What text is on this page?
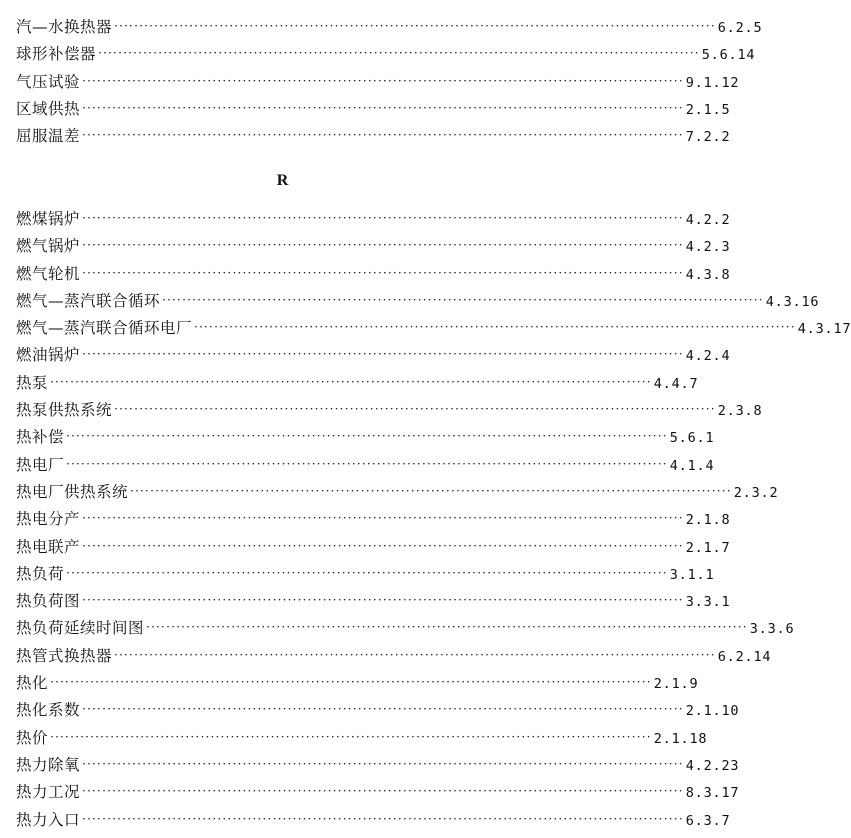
汽—水换热器 ························································································································ 6.2.5
球形补偿器 ························································································································ 5.6.14
气压试验 ························································································································ 9.1.12
区域供热 ························································································································ 2.1.5
屈服温差 ························································································································ 7.2.2
R
燃煤锅炉 ························································································································ 4.2.2
燃气锅炉 ························································································································ 4.2.3
燃气轮机 ························································································································ 4.3.8
燃气—蒸汽联合循环 ························································································································ 4.3.16
燃气—蒸汽联合循环电厂 ························································································································ 4.3.17
燃油锅炉 ························································································································ 4.2.4
热泵 ························································································································ 4.4.7
热泵供热系统 ························································································································ 2.3.8
热补偿 ························································································································ 5.6.1
热电厂 ························································································································ 4.1.4
热电厂供热系统 ························································································································ 2.3.2
热电分产 ························································································································ 2.1.8
热电联产 ························································································································ 2.1.7
热负荷 ························································································································ 3.1.1
热负荷图 ························································································································ 3.3.1
热负荷延续时间图 ························································································································ 3.3.6
热管式换热器 ························································································································ 6.2.14
热化 ························································································································ 2.1.9
热化系数 ························································································································ 2.1.10
热价 ························································································································ 2.1.18
热力除氧 ························································································································ 4.2.23
热力工况 ························································································································ 8.3.17
热力入口 ························································································································ 6.3.7
